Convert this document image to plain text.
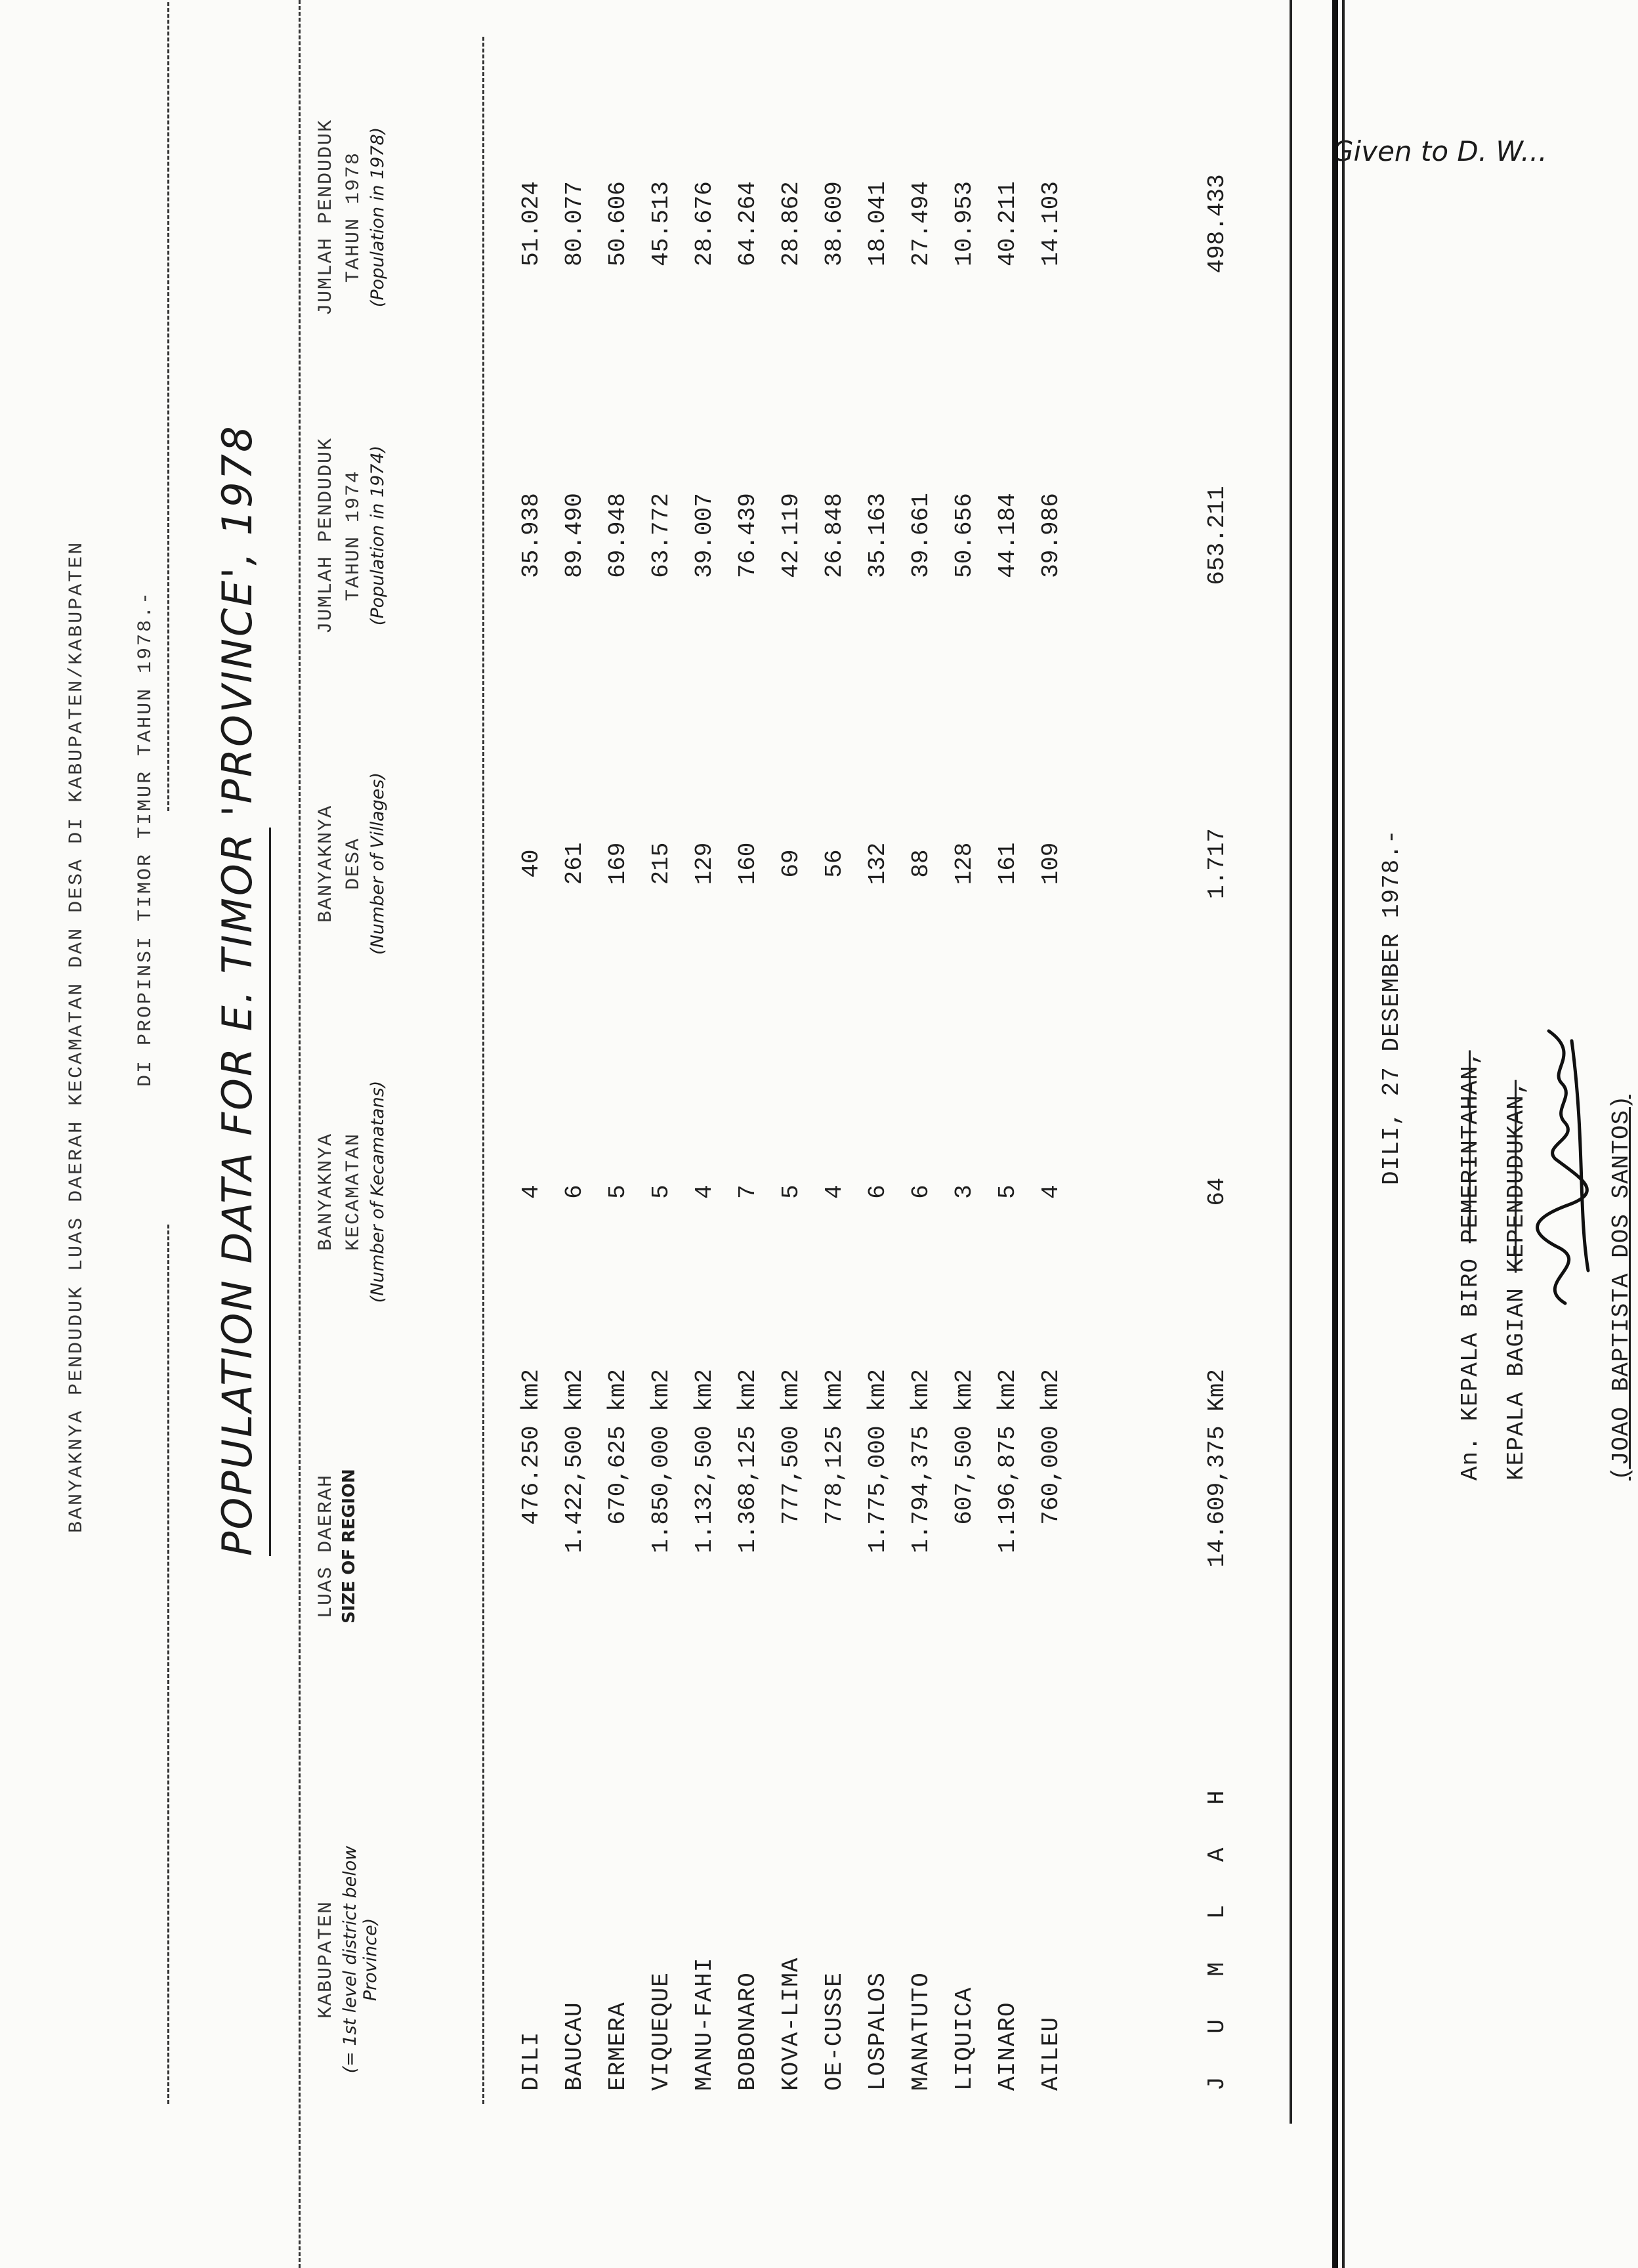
BANYAKNYA PENDUDUK LUAS DAERAH KECAMATAN DAN DESA DI KABUPATEN/KABUPATEN DI PROPINSI TIMOR TIMUR TAHUN 1978.- POPULATION DATA FOR E. TIMOR 'PROVINCE', 1978
Given to D. W...
KABUPATEN (= 1st level district below Province)
LUAS DAERAH SIZE OF REGION
BANYAKNYA KECAMATAN (Number of Kecamatans)
BANYAKNYA DESA (Number of Villages)
JUMLAH PENDUDUK TAHUN 1974 (Population in 1974)
JUMLAH PENDUDUK TAHUN 1978 (Population in 1978)
DILI
476.250 km2
4
40
35.938
51.024
BAUCAU
1.422,500 km2
6
261
89.490
80.077
ERMERA
670,625 km2
5
169
69.948
50.606
VIQUEQUE
1.850,000 km2
5
215
63.772
45.513
MANU-FAHI
1.132,500 km2
4
129
39.007
28.676
BOBONARO
1.368,125 km2
7
160
76.439
64.264
KOVA-LIMA
777,500 km2
5
69
42.119
28.862
OE-CUSSE
778,125 km2
4
56
26.848
38.609
LOSPALOS
1.775,000 km2
6
132
35.163
18.041
MANATUTO
1.794,375 km2
6
88
39.661
27.494
LIQUICA
607,500 km2
3
128
50.656
10.953
AINARO
1.196,875 km2
5
161
44.184
40.211
AILEU
760,000 km2
4
109
39.986
14.103
J U M L A H
14.609,375 Km2
64
1.717
653.211
498.433
DILI, 27 DESEMBER 1978.-
An. KEPALA BIRO PEMERINTAHAN,
KEPALA BAGIAN KEPENDUDUKAN,	(JOAO BAPTISTA DOS SANTOS)
